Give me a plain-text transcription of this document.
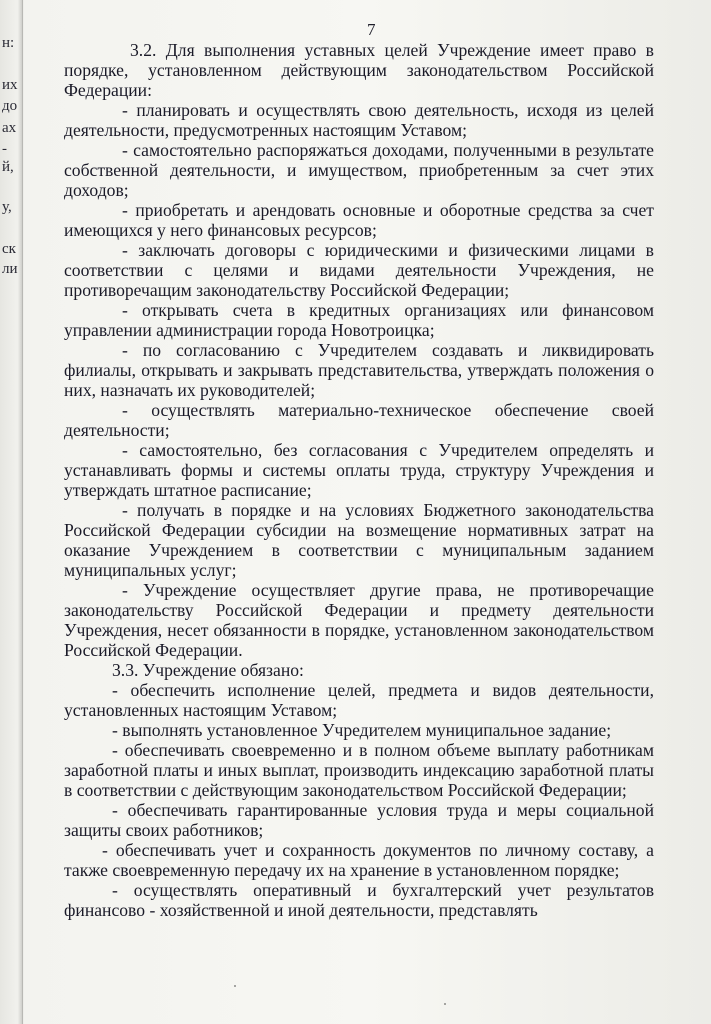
н:
их
до
ах
-
й,
у,
ск
ли
7

3.2. Для выполнения уставных целей Учреждение имеет право в порядке, установленном действующим законодательством Российской Федерации:

- планировать и осуществлять свою деятельность, исходя из целей деятельности, предусмотренных настоящим Уставом;

- самостоятельно распоряжаться доходами, полученными в результате собственной деятельности, и имуществом, приобретенным за счет этих доходов;

- приобретать и арендовать основные и оборотные средства за счет имеющихся у него финансовых ресурсов;

- заключать договоры с юридическими и физическими лицами в соответствии с целями и видами деятельности Учреждения, не противоречащим законодательству Российской Федерации;

- открывать счета в кредитных организациях или финансовом управлении администрации города Новотроицка;

- по согласованию с Учредителем создавать и ликвидировать филиалы, открывать и закрывать представительства, утверждать положения о них, назначать их руководителей;

- осуществлять материально-техническое обеспечение своей деятельности;

- самостоятельно, без согласования с Учредителем определять и устанавливать формы и системы оплаты труда, структуру Учреждения и утверждать штатное расписание;

- получать в порядке и на условиях Бюджетного законодательства Российской Федерации субсидии на возмещение нормативных затрат на оказание Учреждением в соответствии с муниципальным заданием муниципальных услуг;

- Учреждение осуществляет другие права, не противоречащие законодательству Российской Федерации и предмету деятельности Учреждения, несет обязанности в порядке, установленном законодательством Российской Федерации.

3.3. Учреждение обязано:

- обеспечить исполнение целей, предмета и видов деятельности, установленных настоящим Уставом;

- выполнять установленное Учредителем муниципальное задание;

- обеспечивать своевременно и в полном объеме выплату работникам заработной платы и иных выплат, производить индексацию заработной платы в соответствии с действующим законодательством Российской Федерации;

- обеспечивать гарантированные условия труда и меры социальной защиты своих работников;

- обеспечивать учет и сохранность документов по личному составу, а также своевременную передачу их на хранение в установленном порядке;

- осуществлять оперативный и бухгалтерский учет результатов финансово - хозяйственной и иной деятельности, представлять
